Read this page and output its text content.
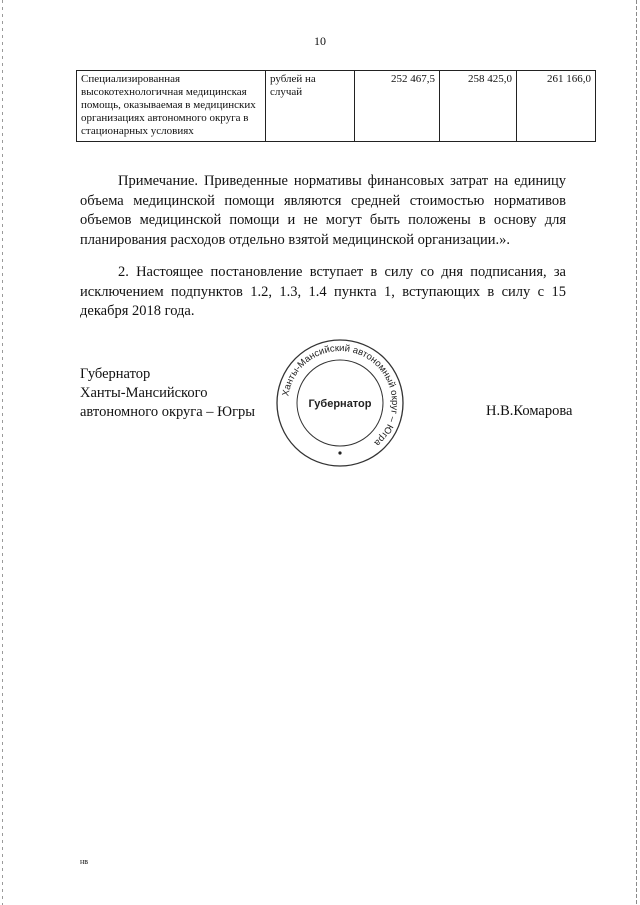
10
Специализированная высокотехнологичная медицинская помощь, оказываемая в медицинских организациях автономного округа в стационарных условиях	рублей на случай	252 467,5	258 425,0	261 166,0

Примечание. Приведенные нормативы финансовых затрат на единицу объема медицинской помощи являются средней стоимостью нормативов объемов медицинской помощи и не могут быть положены в основу для планирования расходов отдельно взятой медицинской организации.».

2. Настоящее постановление вступает в силу со дня подписания, за исключением подпунктов 1.2, 1.3, 1.4 пункта 1, вступающих в силу с 15 декабря 2018 года.

Губернатор
Ханты-Мансийского
автономного округа – Югры
Ханты-Мансийский автономный округ – Югра
Губернатор	Н.В.Комарова
нв
